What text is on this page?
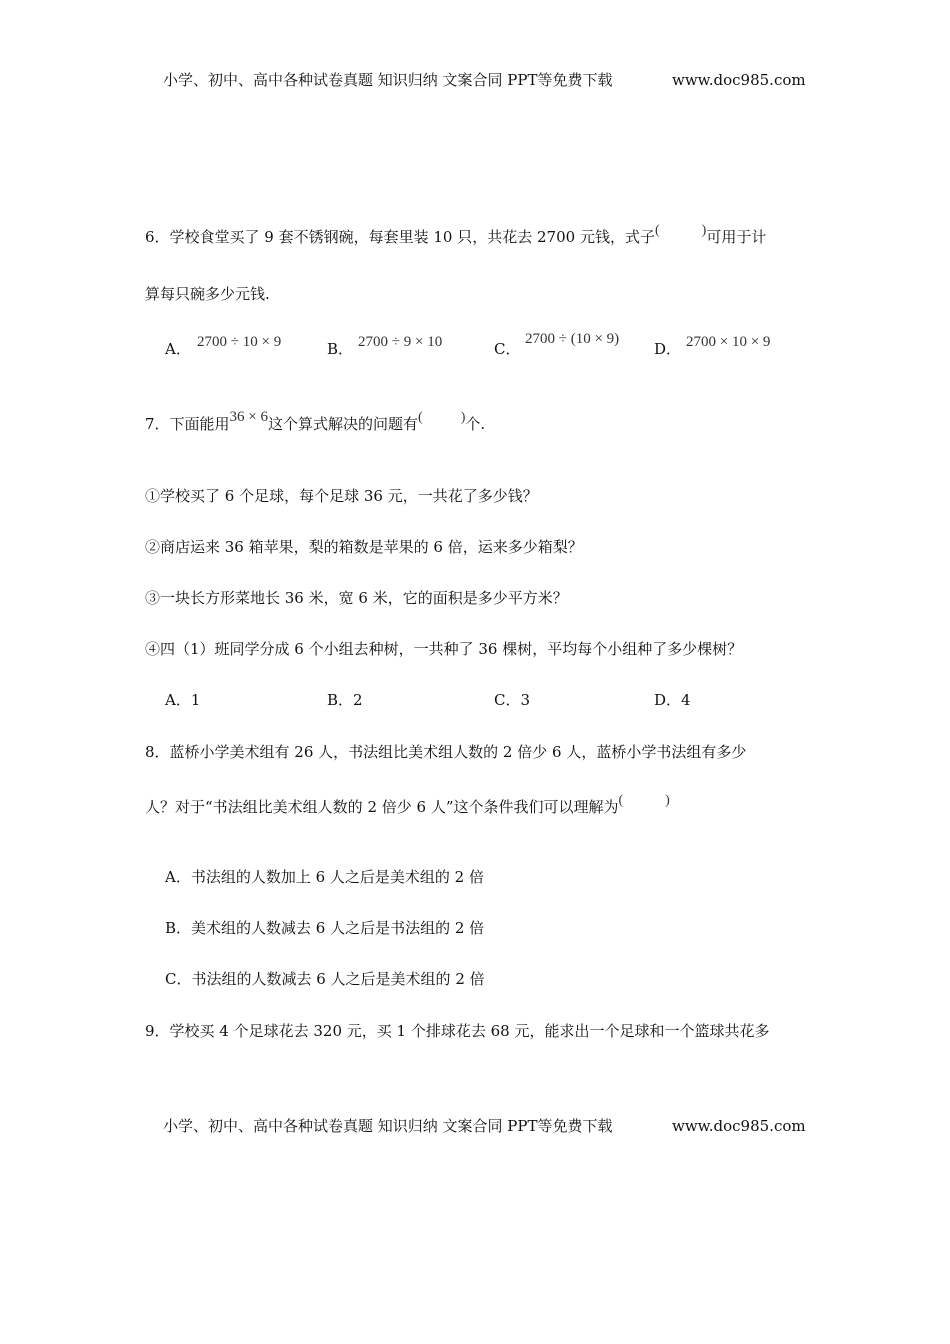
小学、初中、高中各种试卷真题 知识归纳 文案合同 PPT等免费下载	www.doc985.com
6．学校食堂买了 9 套不锈钢碗，每套里装 10 只，共花去 2700 元钱，式子(	)可用于计
算每只碗多少元钱.
A． 2700 ÷ 10 × 9	B． 2700 ÷ 9 × 10	C．
2700 ÷ (10 × 9)
D． 2700 × 10 × 9
7．下面能用36 × 6这个算式解决的问题有(	)个.
①学校买了 6 个足球，每个足球 36 元，一共花了多少钱？
②商店运来 36 箱苹果，梨的箱数是苹果的 6 倍，运来多少箱梨？
③一块长方形菜地长 36 米，宽 6 米，它的面积是多少平方米？
④四（1）班同学分成 6 个小组去种树，一共种了 36 棵树，平均每个小组种了多少棵树？
A．1	B．2	C．3	D．4
8．蓝桥小学美术组有 26 人，书法组比美术组人数的 2 倍少 6 人，蓝桥小学书法组有多少
人？对于“书法组比美术组人数的 2 倍少 6 人”这个条件我们可以理解为(	)
A．书法组的人数加上 6 人之后是美术组的 2 倍
B．美术组的人数减去 6 人之后是书法组的 2 倍
C．书法组的人数减去 6 人之后是美术组的 2 倍
9．学校买 4 个足球花去 320 元，买 1 个排球花去 68 元，能求出一个足球和一个篮球共花多
小学、初中、高中各种试卷真题 知识归纳 文案合同 PPT等免费下载	www.doc985.com
